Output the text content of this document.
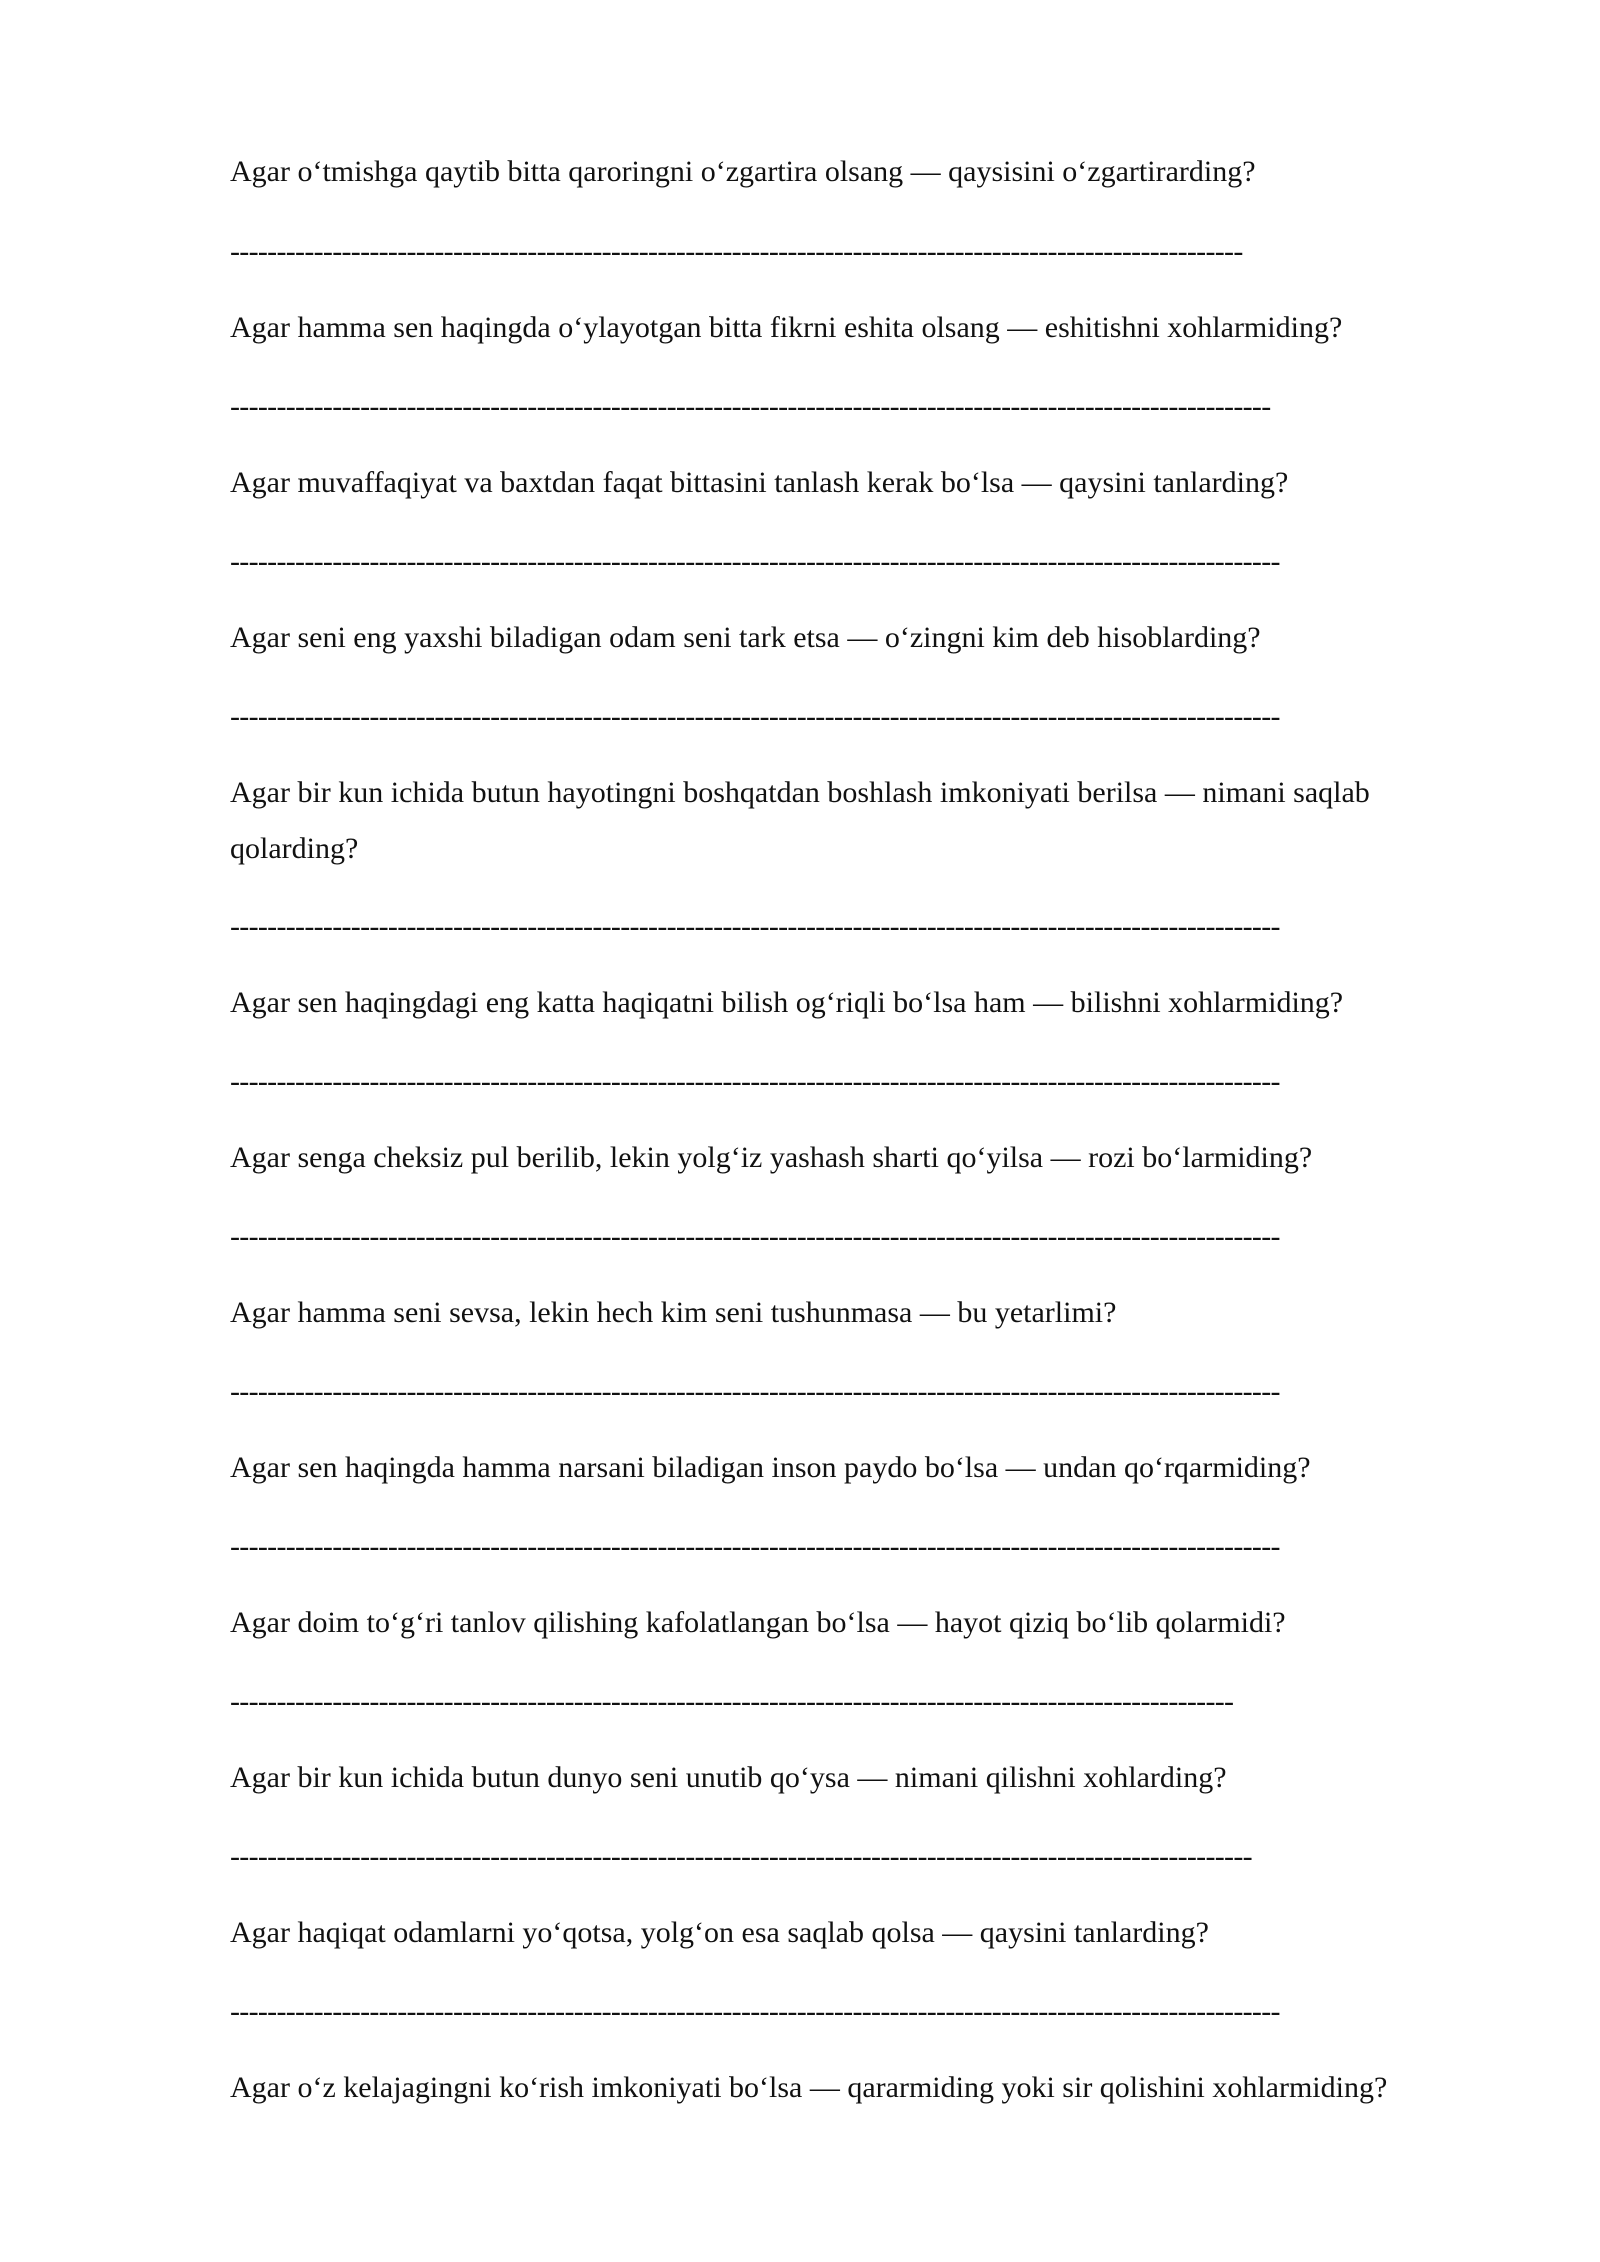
Agar o‘tmishga qaytib bitta qaroringni o‘zgartira olsang — qaysisini o‘zgartirarding?

-------------------------------------------------------------------------------------------------------------

Agar hamma sen haqingda o‘ylayotgan bitta fikrni eshita olsang — eshitishni xohlarmiding?

----------------------------------------------------------------------------------------------------------------

Agar muvaffaqiyat va baxtdan faqat bittasini tanlash kerak bo‘lsa — qaysini tanlarding?

-----------------------------------------------------------------------------------------------------------------

Agar seni eng yaxshi biladigan odam seni tark etsa — o‘zingni kim deb hisoblarding?

-----------------------------------------------------------------------------------------------------------------

Agar bir kun ichida butun hayotingni boshqatdan boshlash imkoniyati berilsa — nimani saqlab qolarding?

-----------------------------------------------------------------------------------------------------------------

Agar sen haqingdagi eng katta haqiqatni bilish og‘riqli bo‘lsa ham — bilishni xohlarmiding?

-----------------------------------------------------------------------------------------------------------------

Agar senga cheksiz pul berilib, lekin yolg‘iz yashash sharti qo‘yilsa — rozi bo‘larmiding?

-----------------------------------------------------------------------------------------------------------------

Agar hamma seni sevsa, lekin hech kim seni tushunmasa — bu yetarlimi?

-----------------------------------------------------------------------------------------------------------------

Agar sen haqingda hamma narsani biladigan inson paydo bo‘lsa — undan qo‘rqarmiding?

-----------------------------------------------------------------------------------------------------------------

Agar doim to‘g‘ri tanlov qilishing kafolatlangan bo‘lsa — hayot qiziq bo‘lib qolarmidi?

------------------------------------------------------------------------------------------------------------

Agar bir kun ichida butun dunyo seni unutib qo‘ysa — nimani qilishni xohlarding?

--------------------------------------------------------------------------------------------------------------

Agar haqiqat odamlarni yo‘qotsa, yolg‘on esa saqlab qolsa — qaysini tanlarding?

-----------------------------------------------------------------------------------------------------------------

Agar o‘z kelajagingni ko‘rish imkoniyati bo‘lsa — qararmiding yoki sir qolishini xohlarmiding?
